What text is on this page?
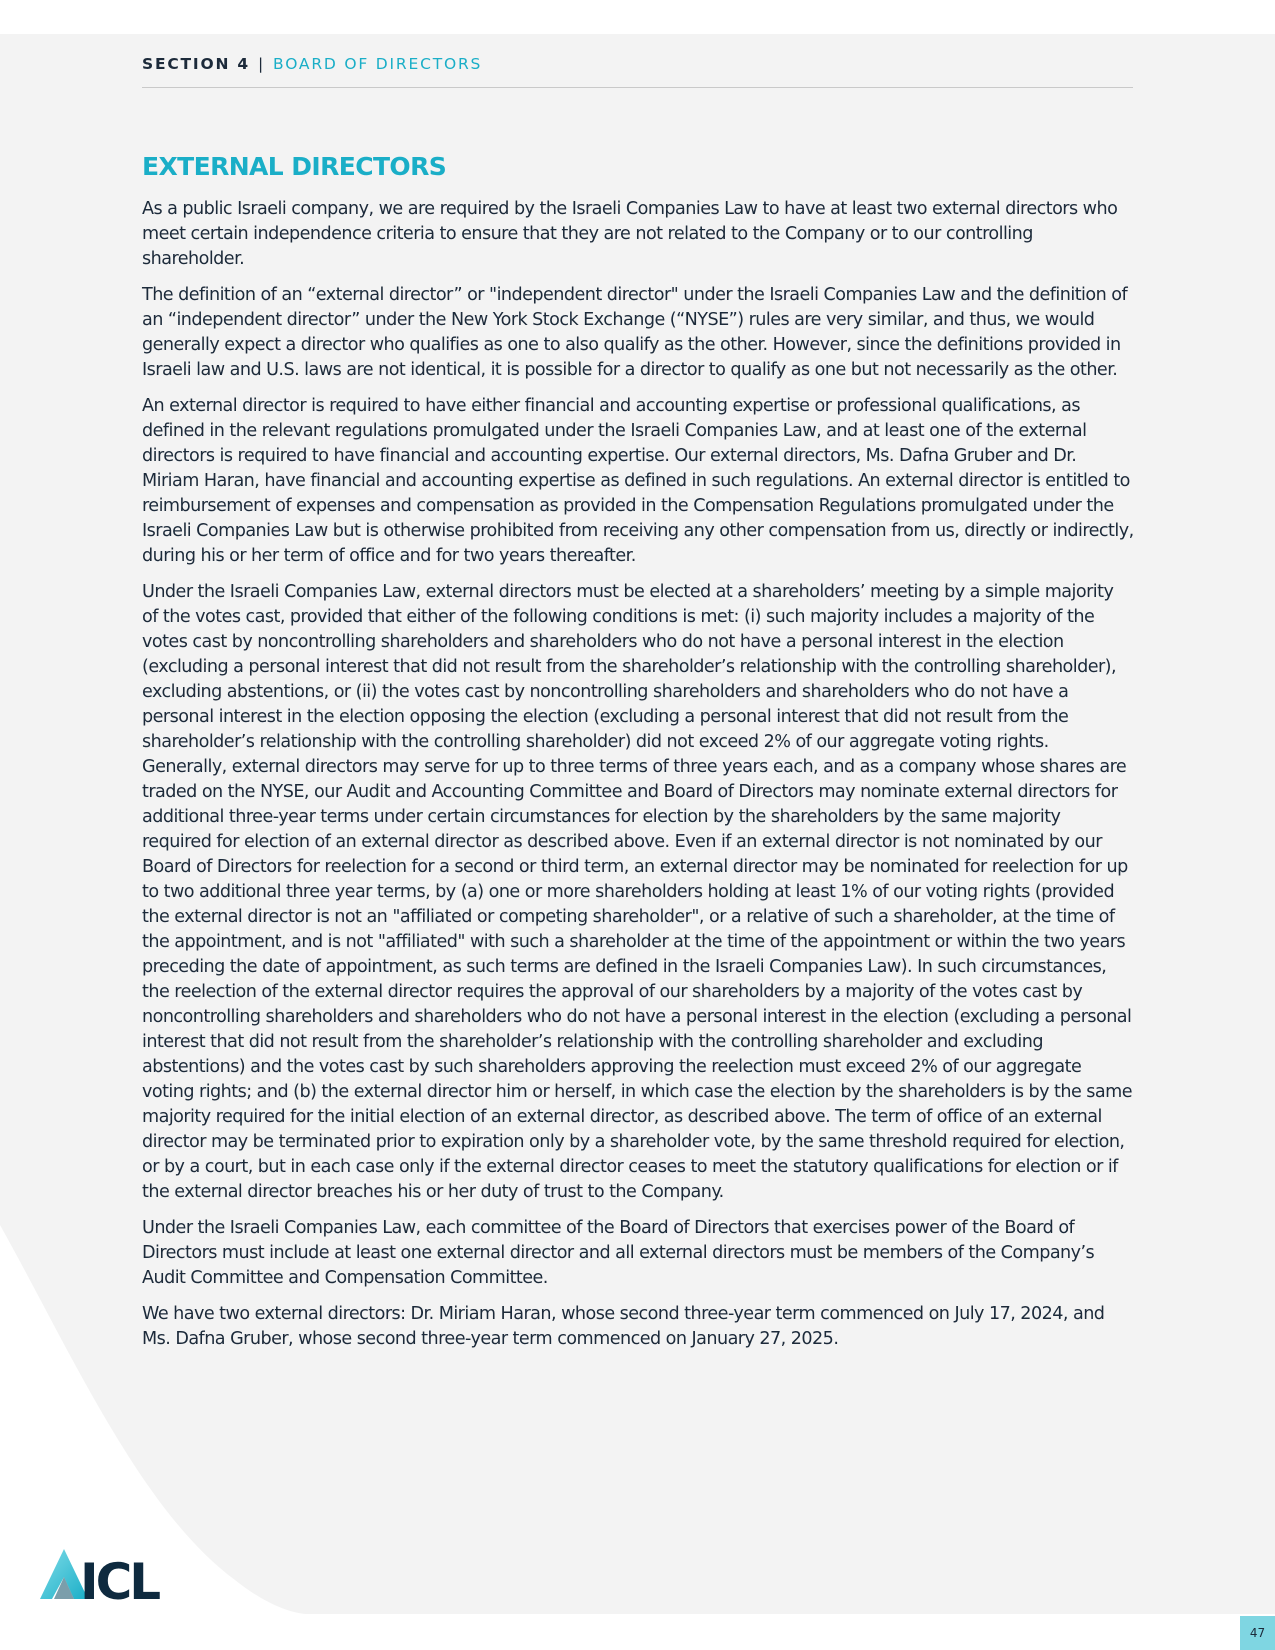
SECTION 4 | BOARD OF DIRECTORS
EXTERNAL DIRECTORS

As a public Israeli company, we are required by the Israeli Companies Law to have at least two external directors who meet certain independence criteria to ensure that they are not related to the Company or to our controlling shareholder.

The definition of an “external director” or "independent director" under the Israeli Companies Law and the definition of an “independent director” under the New York Stock Exchange (“NYSE”) rules are very similar, and thus, we would generally expect a director who qualifies as one to also qualify as the other. However, since the definitions provided in Israeli law and U.S. laws are not identical, it is possible for a director to qualify as one but not necessarily as the other.

An external director is required to have either financial and accounting expertise or professional qualifications, as defined in the relevant regulations promulgated under the Israeli Companies Law, and at least one of the external directors is required to have financial and accounting expertise. Our external directors, Ms. Dafna Gruber and Dr. Miriam Haran, have financial and accounting expertise as defined in such regulations. An external director is entitled to reimbursement of expenses and compensation as provided in the Compensation Regulations promulgated under the Israeli Companies Law but is otherwise prohibited from receiving any other compensation from us, directly or indirectly, during his or her term of office and for two years thereafter.

Under the Israeli Companies Law, external directors must be elected at a shareholders’ meeting by a simple majority of the votes cast, provided that either of the following conditions is met: (i) such majority includes a majority of the votes cast by noncontrolling shareholders and shareholders who do not have a personal interest in the election (excluding a personal interest that did not result from the shareholder’s relationship with the controlling shareholder), excluding abstentions, or (ii) the votes cast by noncontrolling shareholders and shareholders who do not have a personal interest in the election opposing the election (excluding a personal interest that did not result from the shareholder’s relationship with the controlling shareholder) did not exceed 2% of our aggregate voting rights. Generally, external directors may serve for up to three terms of three years each, and as a company whose shares are traded on the NYSE, our Audit and Accounting Committee and Board of Directors may nominate external directors for additional three-year terms under certain circumstances for election by the shareholders by the same majority required for election of an external director as described above. Even if an external director is not nominated by our Board of Directors for reelection for a second or third term, an external director may be nominated for reelection for up to two additional three year terms, by (a) one or more shareholders holding at least 1% of our voting rights (provided the external director is not an "affiliated or competing shareholder", or a relative of such a shareholder, at the time of the appointment, and is not "affiliated" with such a shareholder at the time of the appointment or within the two years preceding the date of appointment, as such terms are defined in the Israeli Companies Law). In such circumstances, the reelection of the external director requires the approval of our shareholders by a majority of the votes cast by noncontrolling shareholders and shareholders who do not have a personal interest in the election (excluding a personal interest that did not result from the shareholder’s relationship with the controlling shareholder and excluding abstentions) and the votes cast by such shareholders approving the reelection must exceed 2% of our aggregate voting rights; and (b) the external director him or herself, in which case the election by the shareholders is by the same majority required for the initial election of an external director, as described above. The term of office of an external director may be terminated prior to expiration only by a shareholder vote, by the same threshold required for election, or by a court, but in each case only if the external director ceases to meet the statutory qualifications for election or if the external director breaches his or her duty of trust to the Company.

Under the Israeli Companies Law, each committee of the Board of Directors that exercises power of the Board of Directors must include at least one external director and all external directors must be members of the Company’s Audit Committee and Compensation Committee.

We have two external directors: Dr. Miriam Haran, whose second three-year term commenced on July 17, 2024, and Ms. Dafna Gruber, whose second three-year term commenced on January 27, 2025.

ICL
47
